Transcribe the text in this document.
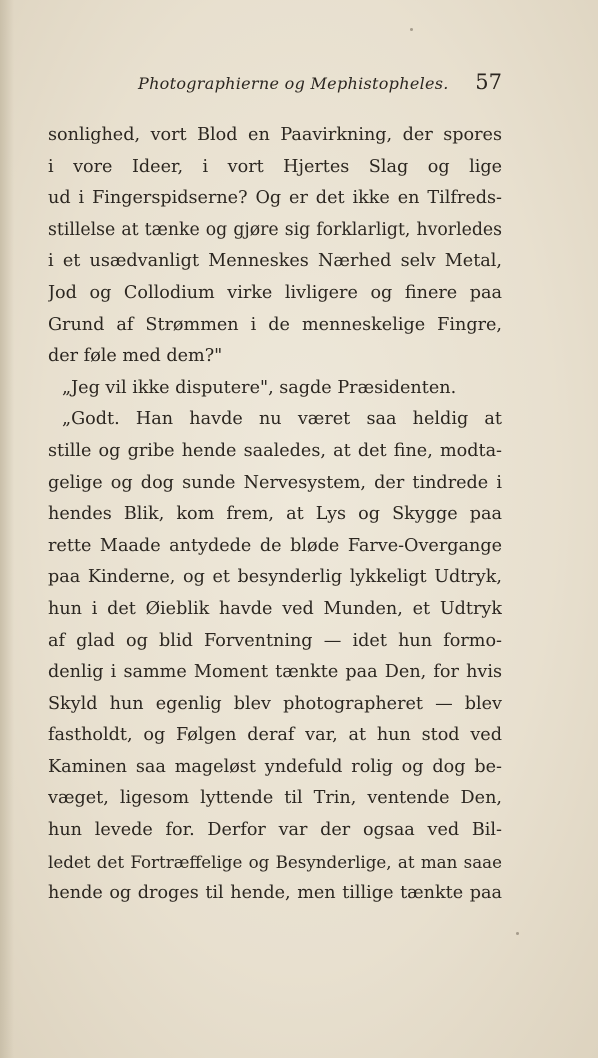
Photographierne og Mephistopheles. 57
sonlighed, vort Blod en Paavirkning, der spores
i vore Ideer, i vort Hjertes Slag og lige
ud i Fingerspidserne? Og er det ikke en Tilfreds-
stillelse at tænke og gjøre sig forklarligt, hvorledes
i et usædvanligt Menneskes Nærhed selv Metal,
Jod og Collodium virke livligere og finere paa
Grund af Strømmen i de menneskelige Fingre,
der føle med dem?"
„Jeg vil ikke disputere", sagde Præsidenten.
„Godt. Han havde nu været saa heldig at
stille og gribe hende saaledes, at det fine, modta-
gelige og dog sunde Nervesystem, der tindrede i
hendes Blik, kom frem, at Lys og Skygge paa
rette Maade antydede de bløde Farve-Overgange
paa Kinderne, og et besynderlig lykkeligt Udtryk,
hun i det Øieblik havde ved Munden, et Udtryk
af glad og blid Forventning — idet hun formo-
denlig i samme Moment tænkte paa Den, for hvis
Skyld hun egenlig blev photographeret — blev
fastholdt, og Følgen deraf var, at hun stod ved
Kaminen saa mageløst yndefuld rolig og dog be-
væget, ligesom lyttende til Trin, ventende Den,
hun levede for. Derfor var der ogsaa ved Bil-
ledet det Fortræffelige og Besynderlige, at man saae
hende og droges til hende, men tillige tænkte paa
